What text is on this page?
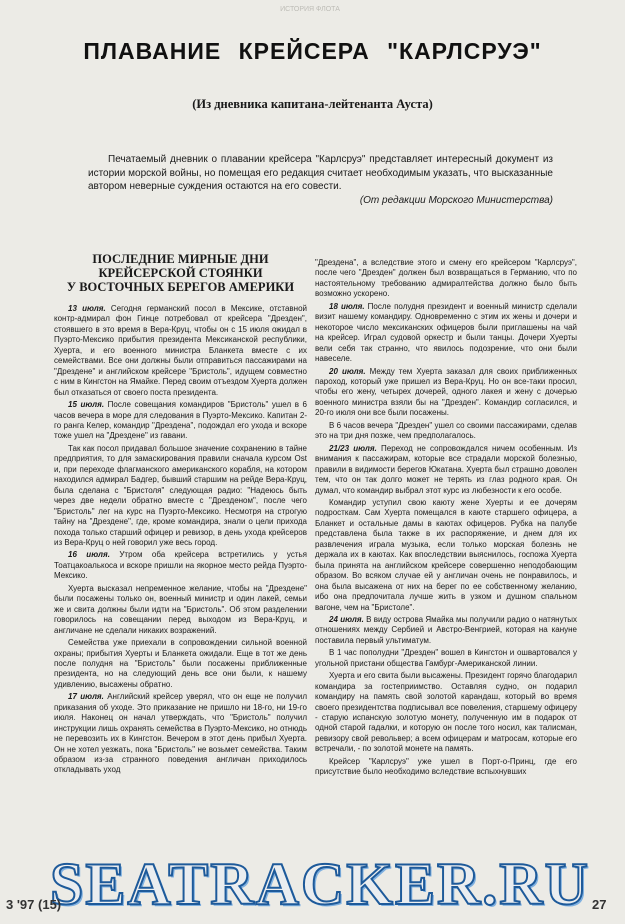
ИСТОРИЯ ФЛОТА
ПЛАВАНИЕ КРЕЙСЕРА "КАРЛСРУЭ"
(Из дневника капитана-лейтенанта Ауста)

Печатаемый дневник о плавании крейсера "Карлсруэ" представляет интересный документ из истории морской войны, но помещая его редакция считает необходимым указать, что высказанные автором неверные суждения остаются на его совести.

(От редакции Морского Министерства)

ПОСЛЕДНИЕ МИРНЫЕ ДНИ
КРЕЙСЕРСКОЙ СТОЯНКИ
У ВОСТОЧНЫХ БЕРЕГОВ АМЕРИКИ

13 июля. Сегодня германский посол в Мексике, отставной контр-адмирал фон Гинце потребовал от крейсера "Дрезден", стоявшего в это время в Вера-Круц, чтобы он с 15 июля ожидал в Пуэрто-Мексико прибытия президента Мексиканской республики, Хуерта, и его военного министра Бланкета вместе с их семействами. Все они должны были отправиться пассажирами на "Дрездене" и английском крейсере "Бристоль", идущем совместно с ним в Кингстон на Ямайке. Перед своим отъездом Хуерта должен был отказаться от своего поста президента.

15 июля. После совещания командиров "Бристоль" ушел в 6 часов вечера в море для следования в Пуэрто-Мексико. Капитан 2-го ранга Келер, командир "Дрездена", подождал его ухода и вскоре тоже ушел на "Дрездене" из гавани.

Так как посол придавал большое значение сохранению в тайне предприятия, то для замаскирования правили сначала курсом Ost и, при переходе флагманского американского корабля, на котором находился адмирал Бадгер, бывший старшим на рейде Вера-Круц, была сделана с "Бристоля" следующая радио: "Надеюсь быть через две недели обратно вместе с "Дрезденом", после чего "Бристоль" лег на курс на Пуэрто-Мексико. Несмотря на строгую тайну на "Дрездене", где, кроме командира, знали о цели прихода похода только старший офицер и ревизор, в день ухода крейсеров из Вера-Круц о ней говорил уже весь город.

16 июля. Утром оба крейсера встретились у устья Тоатцакоалькоса и вскоре пришли на якорное место рейда Пуэрто-Мексико.

Хуерта высказал непременное желание, чтобы на "Дрездене" были посажены только он, военный министр и один лакей, семьи же и свита должны были идти на "Бристоль". Об этом разделении говорилось на совещании перед выходом из Вера-Круц, и англичане не сделали никаких возражений.

Семейства уже приехали в сопровождении сильной военной охраны; прибытия Хуерты и Бланкета ожидали. Еще в тот же день после полудня на "Бристоль" были посажены приближенные президента, но на следующий день все они были, к нашему удивлению, высажены обратно.

17 июля. Английский крейсер уверял, что он еще не получил приказания об уходе. Это приказание не пришло ни 18-го, ни 19-го июля. Наконец он начал утверждать, что "Бристоль" получил инструкции лишь охранять семейства в Пуэрто-Мексико, но отнюдь не перевозить их в Кингстон. Вечером в этот день прибыл Хуерта. Он не хотел уезжать, пока "Бристоль" не возьмет семейства. Таким образом из-за странного поведения англичан приходилось откладывать уход

"Дрездена", а вследствие этого и смену его крейсером "Карлсруэ", после чего "Дрезден" должен был возвращаться в Германию, что по настоятельному требованию адмиралтейства должно было быть возможно ускорено.

18 июля. После полудня президент и военный министр сделали визит нашему командиру. Одновременно с этим их жены и дочери и некоторое число мексиканских офицеров были приглашены на чай на крейсер. Играл судовой оркестр и были танцы. Дочери Хуерты вели себя так странно, что явилось подозрение, что они были навеселе.

20 июля. Между тем Хуерта заказал для своих приближенных пароход, который уже пришел из Вера-Круц. Но он все-таки просил, чтобы его жену, четырех дочерей, одного лакея и жену с дочерью военного министра взяли бы на "Дрезден". Командир согласился, и 20-го июля они все были посажены.

В 6 часов вечера "Дрезден" ушел со своими пассажирами, сделав это на три дня позже, чем предполагалось.

21/23 июля. Переход не сопровождался ничем особенным. Из внимания к пассажирам, которые все страдали морской болезнью, правили в видимости берегов Юкатана. Хуерта был страшно доволен тем, что он так долго может не терять из глаз родного края. Он думал, что командир выбрал этот курс из любезности к его особе.

Командир уступил свою каюту жене Хуерты и ее дочерям подросткам. Сам Хуерта помещался в каюте старшего офицера, а Бланкет и остальные дамы в каютах офицеров. Рубка на палубе представлена была также в их распоряжение, и днем для их развлечения играла музыка, если только морская болезнь не держала их в каютах. Как впоследствии выяснилось, госпожа Хуерта была принята на английском крейсере совершенно неподобающим образом. Во всяком случае ей у англичан очень не понравилось, и она была высажена от них на берег по ее собственному желанию, ибо она предпочитала лучше жить в узком и душном спальном вагоне, чем на "Бристоле".

24 июля. В виду острова Ямайка мы получили радио о натянутых отношениях между Сербией и Австро-Венгрией, которая на кануне поставила первый ультиматум.

В 1 час пополудни "Дрезден" вошел в Кингстон и ошвартовался у угольной пристани общества Гамбург-Американской линии.

Хуерта и его свита были высажены. Президент горячо благодарил командира за гостеприимство. Оставляя судно, он подарил командиру на память свой золотой карандаш, который во время своего президентства подписывал все повеления, старшему офицеру - старую испанскую золотую монету, полученную им в подарок от одной старой гадалки, и которую он после того носил, как талисман, ревизору свой револьвер; а всем офицерам и матросам, которые его встречали, - по золотой монете на память.

Крейсер "Карлсруэ" уже ушел в Порт-о-Принц, где его присутствие было необходимо вследствие вспыхнувших

SEATRACKER.RU
3 '97 (15)	27
